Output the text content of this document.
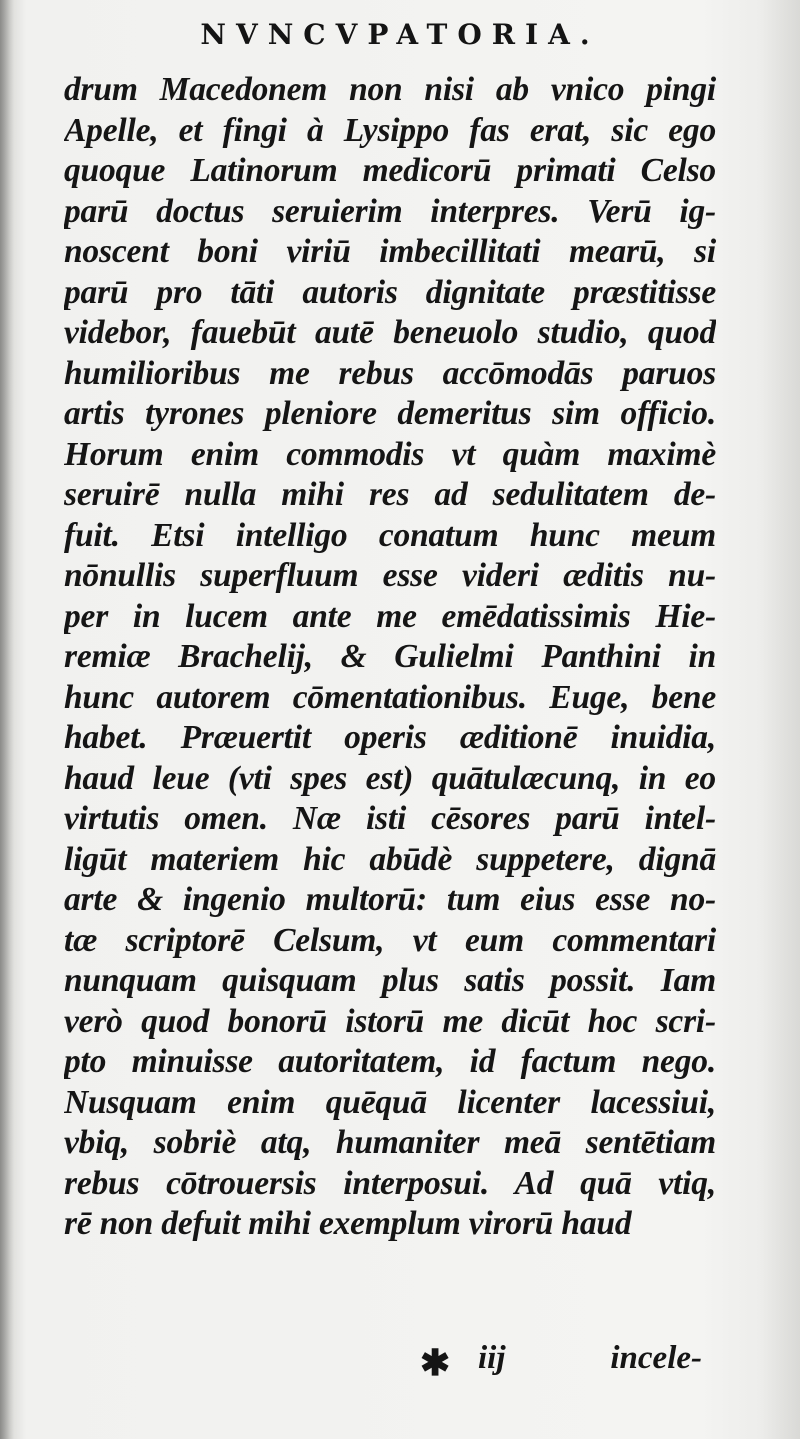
NVNCVPATORIA.
drum Macedonem non nisi ab vnico pingi
Apelle, et fingi à Lysippo fas erat, sic ego
quoque Latinorum medicorū primati Celso
parū doctus seruierim interpres. Verū ig-
noscent boni viriū imbecillitati mearū, si
parū pro tāti autoris dignitate præstitisse
videbor, fauebūt autē beneuolo studio, quod
humilioribus me rebus accōmodās paruos
artis tyrones pleniore demeritus sim officio.
Horum enim commodis vt quàm maximè
seruirē nulla mihi res ad sedulitatem de-
fuit. Etsi intelligo conatum hunc meum
nōnullis superfluum esse videri æditis nu-
per in lucem ante me emēdatissimis Hie-
remiæ Brachelij, & Gulielmi Panthini in
hunc autorem cōmentationibus. Euge, bene
habet. Præuertit operis æditionē inuidia,
haud leue (vti spes est) quātulæcunq, in eo
virtutis omen. Næ isti cēsores parū intel-
ligūt materiem hic abūdè suppetere, dignā
arte & ingenio multorū: tum eius esse no-
tæ scriptorē Celsum, vt eum commentari
nunquam quisquam plus satis possit. Iam
verò quod bonorū istorū me dicūt hoc scri-
pto minuisse autoritatem, id factum nego.
Nusquam enim quēquā licenter lacessiui,
vbiq, sobriè atq, humaniter meā sentētiam
rebus cōtrouersis interposui. Ad quā vtiq,
rē non defuit mihi exemplum virorū haud
✱ iij	incele-
